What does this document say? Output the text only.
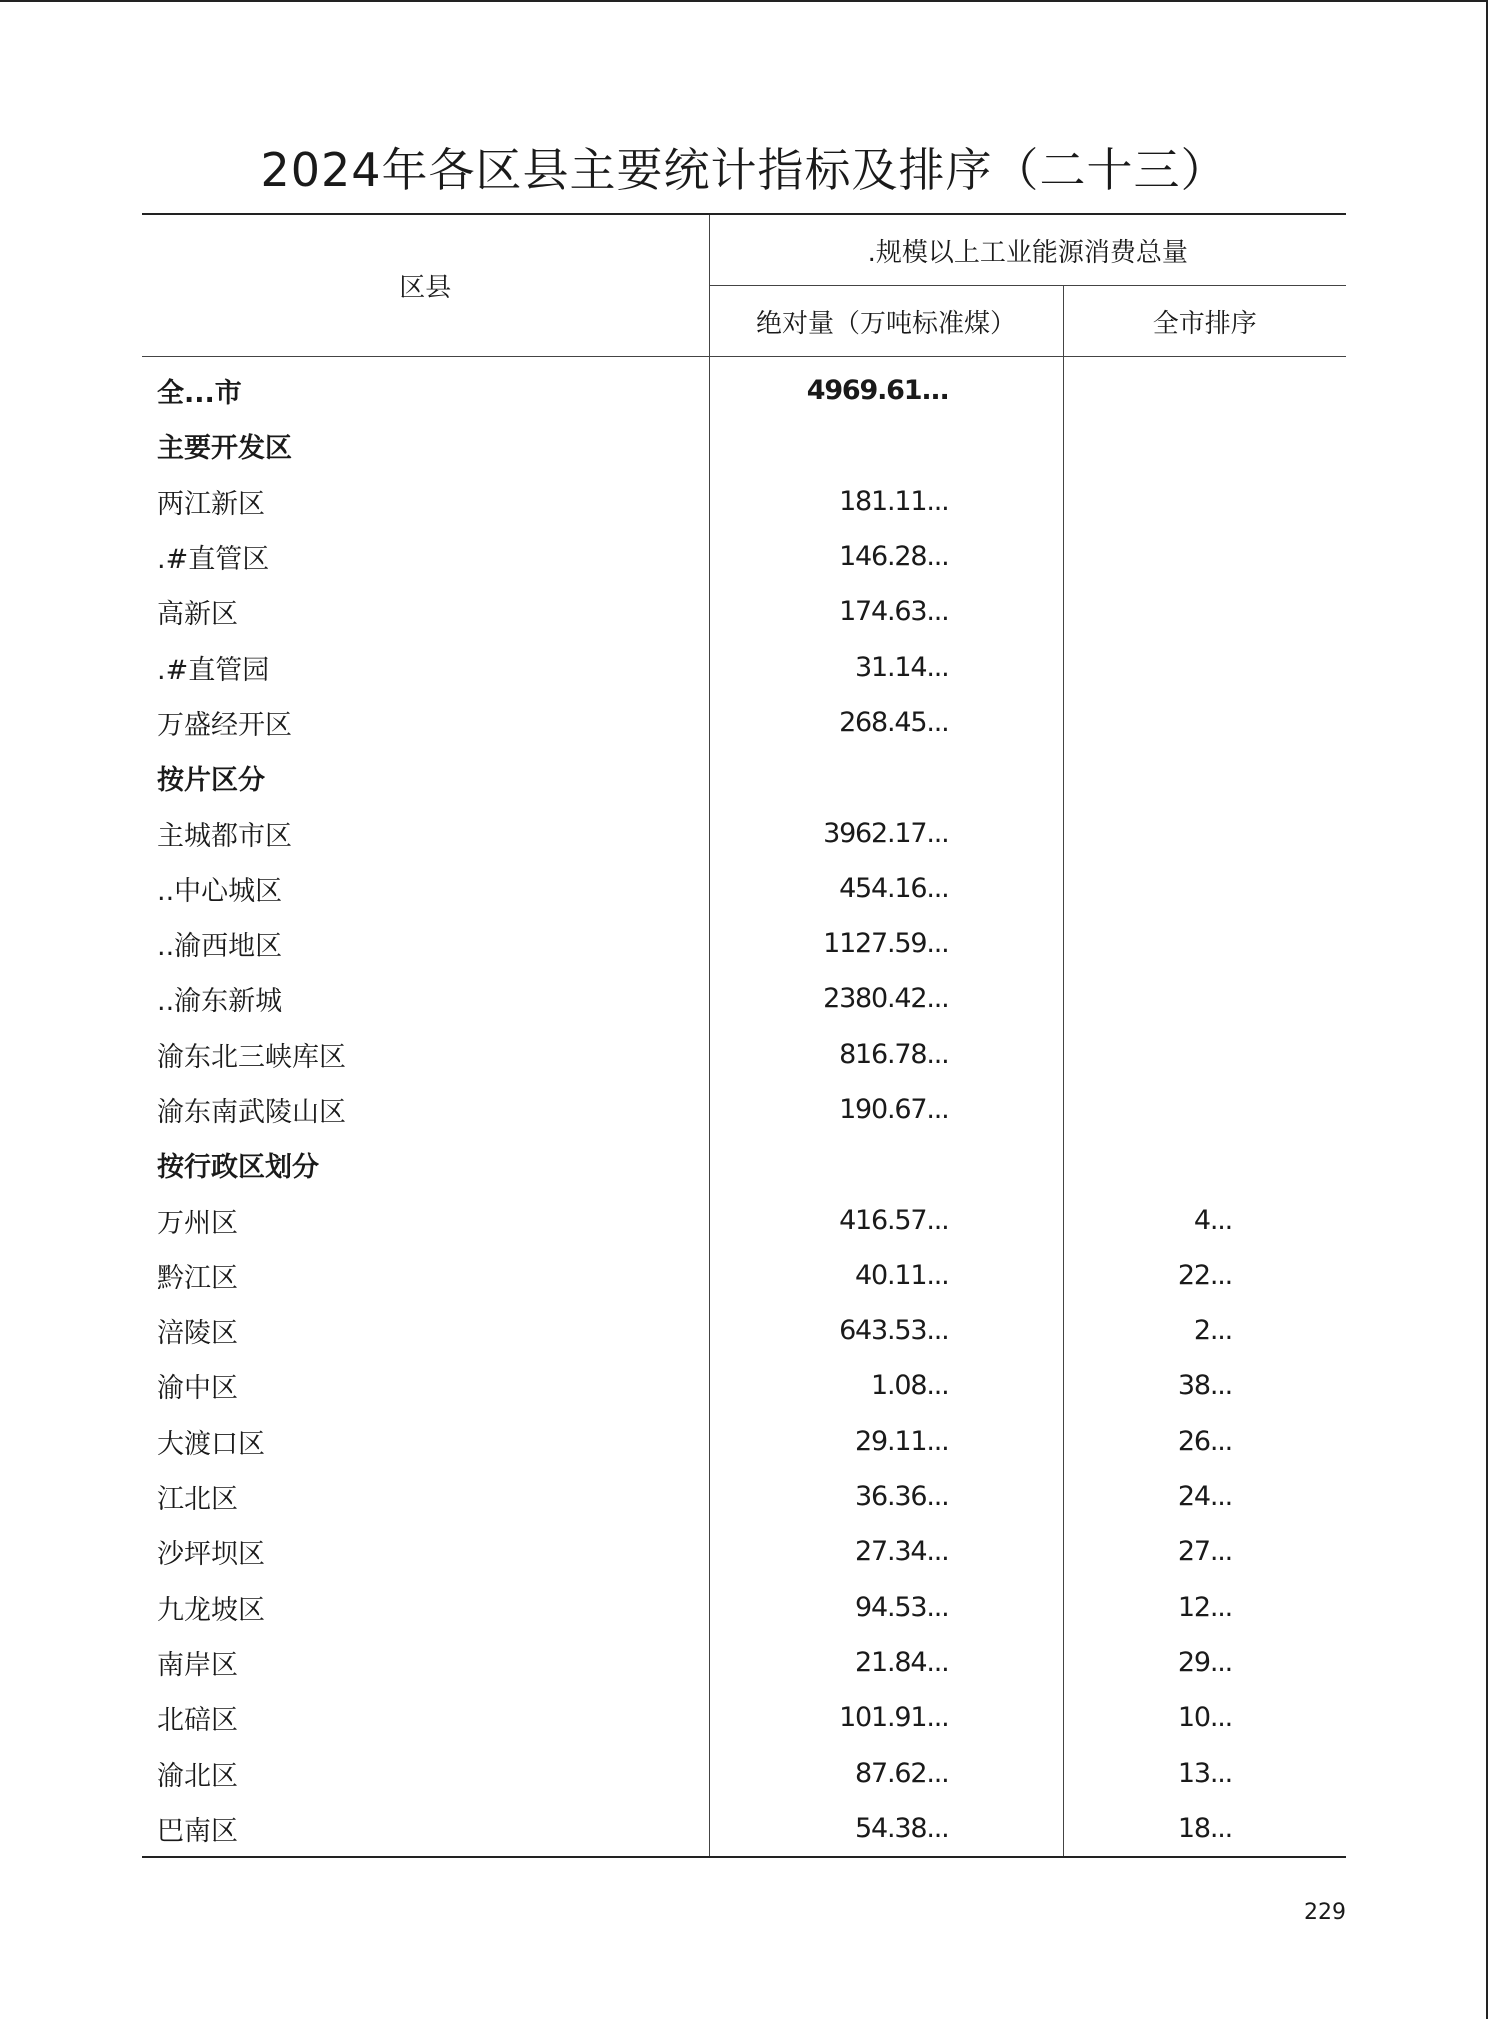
2024年各区县主要统计指标及排序（二十三）
区县	.规模以上工业能源消费总量	
	绝对量（万吨标准煤）	全市排序
全...市	4969.61...	
主要开发区		
两江新区	181.11...	
.#直管区	146.28...	
高新区	174.63...	
.#直管园	31.14...	
万盛经开区	268.45...	
按片区分		
主城都市区	3962.17...	
..中心城区	454.16...	
..渝西地区	1127.59...	
..渝东新城	2380.42...	
渝东北三峡库区	816.78...	
渝东南武陵山区	190.67...	
按行政区划分		
万州区	416.57...	4...
黔江区	40.11...	22...
涪陵区	643.53...	2...
渝中区	1.08...	38...
大渡口区	29.11...	26...
江北区	36.36...	24...
沙坪坝区	27.34...	27...
九龙坡区	94.53...	12...
南岸区	21.84...	29...
北碚区	101.91...	10...
渝北区	87.62...	13...
巴南区	54.38...	18...
229
